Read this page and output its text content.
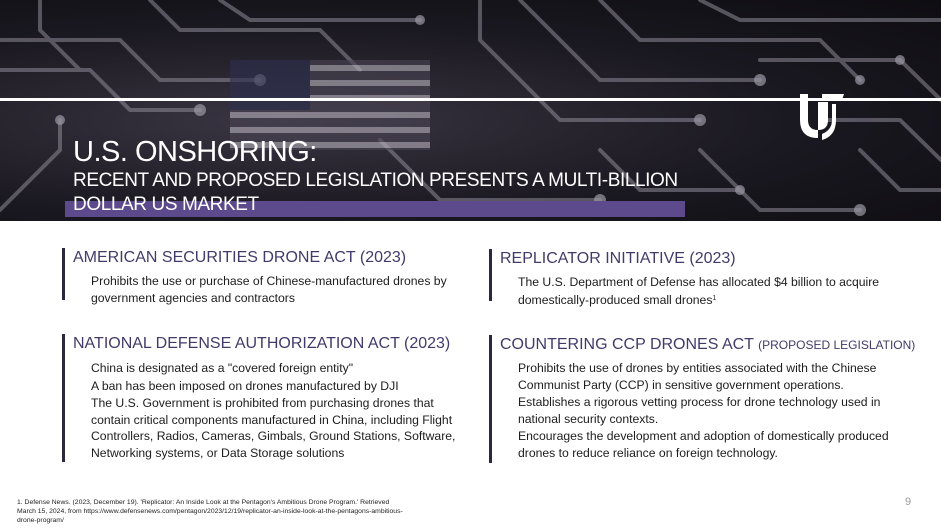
U.S. ONSHORING:
RECENT AND PROPOSED LEGISLATION PRESENTS A MULTI-BILLION
DOLLAR US MARKET
AMERICAN SECURITIES DRONE ACT (2023)

Prohibits the use or purchase of Chinese-manufactured drones by

government agencies and contractors

REPLICATOR INITIATIVE (2023)

The U.S. Department of Defense has allocated $4 billion to acquire

domestically-produced small drones$^1$

NATIONAL DEFENSE AUTHORIZATION ACT (2023)

China is designated as a "covered foreign entity"

A ban has been imposed on drones manufactured by DJI

The U.S. Government is prohibited from purchasing drones that
contain critical components manufactured in China, including Flight
Controllers, Radios, Cameras, Gimbals, Ground Stations, Software,
Networking systems, or Data Storage solutions

COUNTERING CCP DRONES ACT (PROPOSED LEGISLATION)

Prohibits the use of drones by entities associated with the Chinese
Communist Party (CCP) in sensitive government operations.

Establishes a rigorous vetting process for drone technology used in
national security contexts.

Encourages the development and adoption of domestically produced
drones to reduce reliance on foreign technology.

1. Defense News. (2023, December 19). 'Replicator: An Inside Look at the Pentagon's Ambitious Drone Program.' Retrieved
March 15, 2024, from https://www.defensenews.com/pentagon/2023/12/19/replicator-an-inside-look-at-the-pentagons-ambitious-
drone-program/
9
